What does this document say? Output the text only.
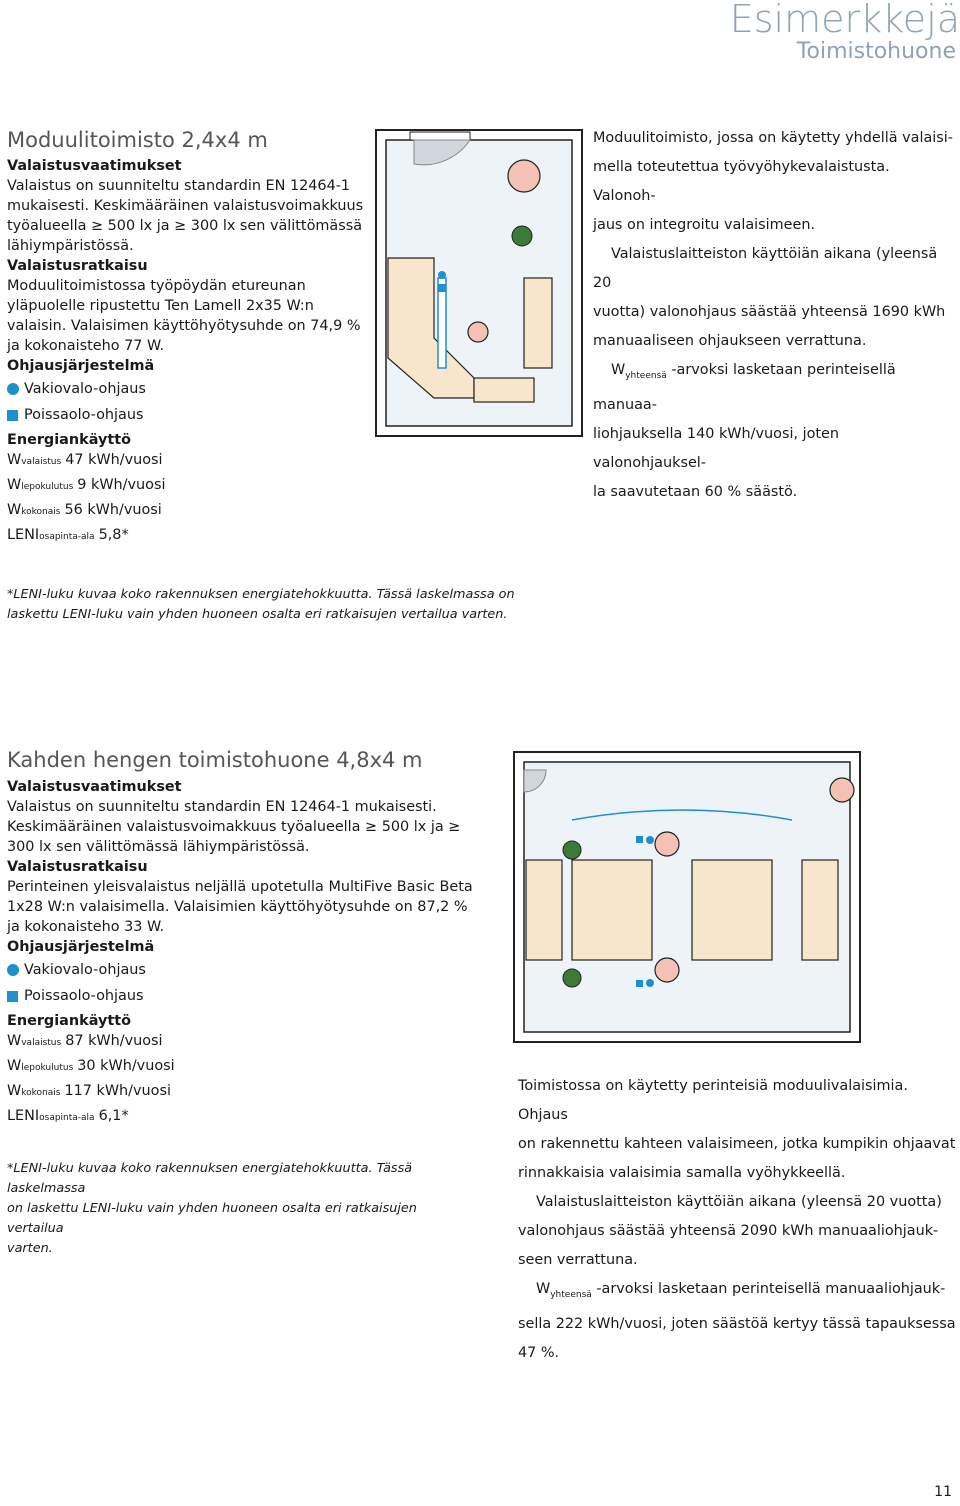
Esimerkkejä
Toimistohuone
Moduulitoimisto 2,4x4 m

Valaistusvaatimukset

Valaistus on suunniteltu standardin EN 12464-1

mukaisesti. Keskimääräinen valaistusvoimakkuus

työalueella ≥ 500 lx ja ≥ 300 lx sen välittömässä

lähiympäristössä.

Valaistusratkaisu

Moduulitoimistossa työpöydän etureunan

yläpuolelle ripustettu Ten Lamell 2x35 W:n

valaisin. Valaisimen käyttöhyötysuhde on 74,9 %

ja kokonaisteho 77 W.

Ohjausjärjestelmä

Vakiovalo-ohjaus
Poissaolo-ohjaus

Energiankäyttö

W valaistus 47 kWh/vuosi
W lepokulutus 9 kWh/vuosi
W kokonais 56 kWh/vuosi
LENI osapinta-ala 5,8*
*LENI-luku kuvaa koko rakennuksen energiatehokkuutta. Tässä laskelmassa on
laskettu LENI-luku vain yhden huoneen osalta eri ratkaisujen vertailua varten.

Moduulitoimisto, jossa on käytetty yhdellä valaisi-

mella toteutettua työvyöhykevalaistusta. Valonoh-

jaus on integroitu valaisimeen.

Valaistuslaitteiston käyttöiän aikana (yleensä 20

vuotta) valonohjaus säästää yhteensä 1690 kWh

manuaaliseen ohjaukseen verrattuna.

$W_{yhteensä}$ -arvoksi lasketaan perinteisellä manuaa-

liohjauksella 140 kWh/vuosi, joten valonohjauksel-

la saavutetaan 60 % säästö.

Kahden hengen toimistohuone 4,8x4 m

Valaistusvaatimukset

Valaistus on suunniteltu standardin EN 12464-1 mukaisesti.

Keskimääräinen valaistusvoimakkuus työalueella ≥ 500 lx ja ≥

300 lx sen välittömässä lähiympäristössä.

Valaistusratkaisu

Perinteinen yleisvalaistus neljällä upotetulla MultiFive Basic Beta

1x28 W:n valaisimella. Valaisimien käyttöhyötysuhde on 87,2 %

ja kokonaisteho 33 W.

Ohjausjärjestelmä

Vakiovalo-ohjaus
Poissaolo-ohjaus

Energiankäyttö

W valaistus 87 kWh/vuosi
W lepokulutus 30 kWh/vuosi
W kokonais 117 kWh/vuosi
LENI osapinta-ala 6,1*
*LENI-luku kuvaa koko rakennuksen energiatehokkuutta. Tässä laskelmassa
on laskettu LENI-luku vain yhden huoneen osalta eri ratkaisujen vertailua
varten.

Toimistossa on käytetty perinteisiä moduulivalaisimia. Ohjaus

on rakennettu kahteen valaisimeen, jotka kumpikin ohjaavat

rinnakkaisia valaisimia samalla vyöhykkeellä.

Valaistuslaitteiston käyttöiän aikana (yleensä 20 vuotta)

valonohjaus säästää yhteensä 2090 kWh manuaaliohjauk-

seen verrattuna.

$W_{yhteensä}$ -arvoksi lasketaan perinteisellä manuaaliohjauk-

sella 222 kWh/vuosi, joten säästöä kertyy tässä tapauksessa

47 %.

11
